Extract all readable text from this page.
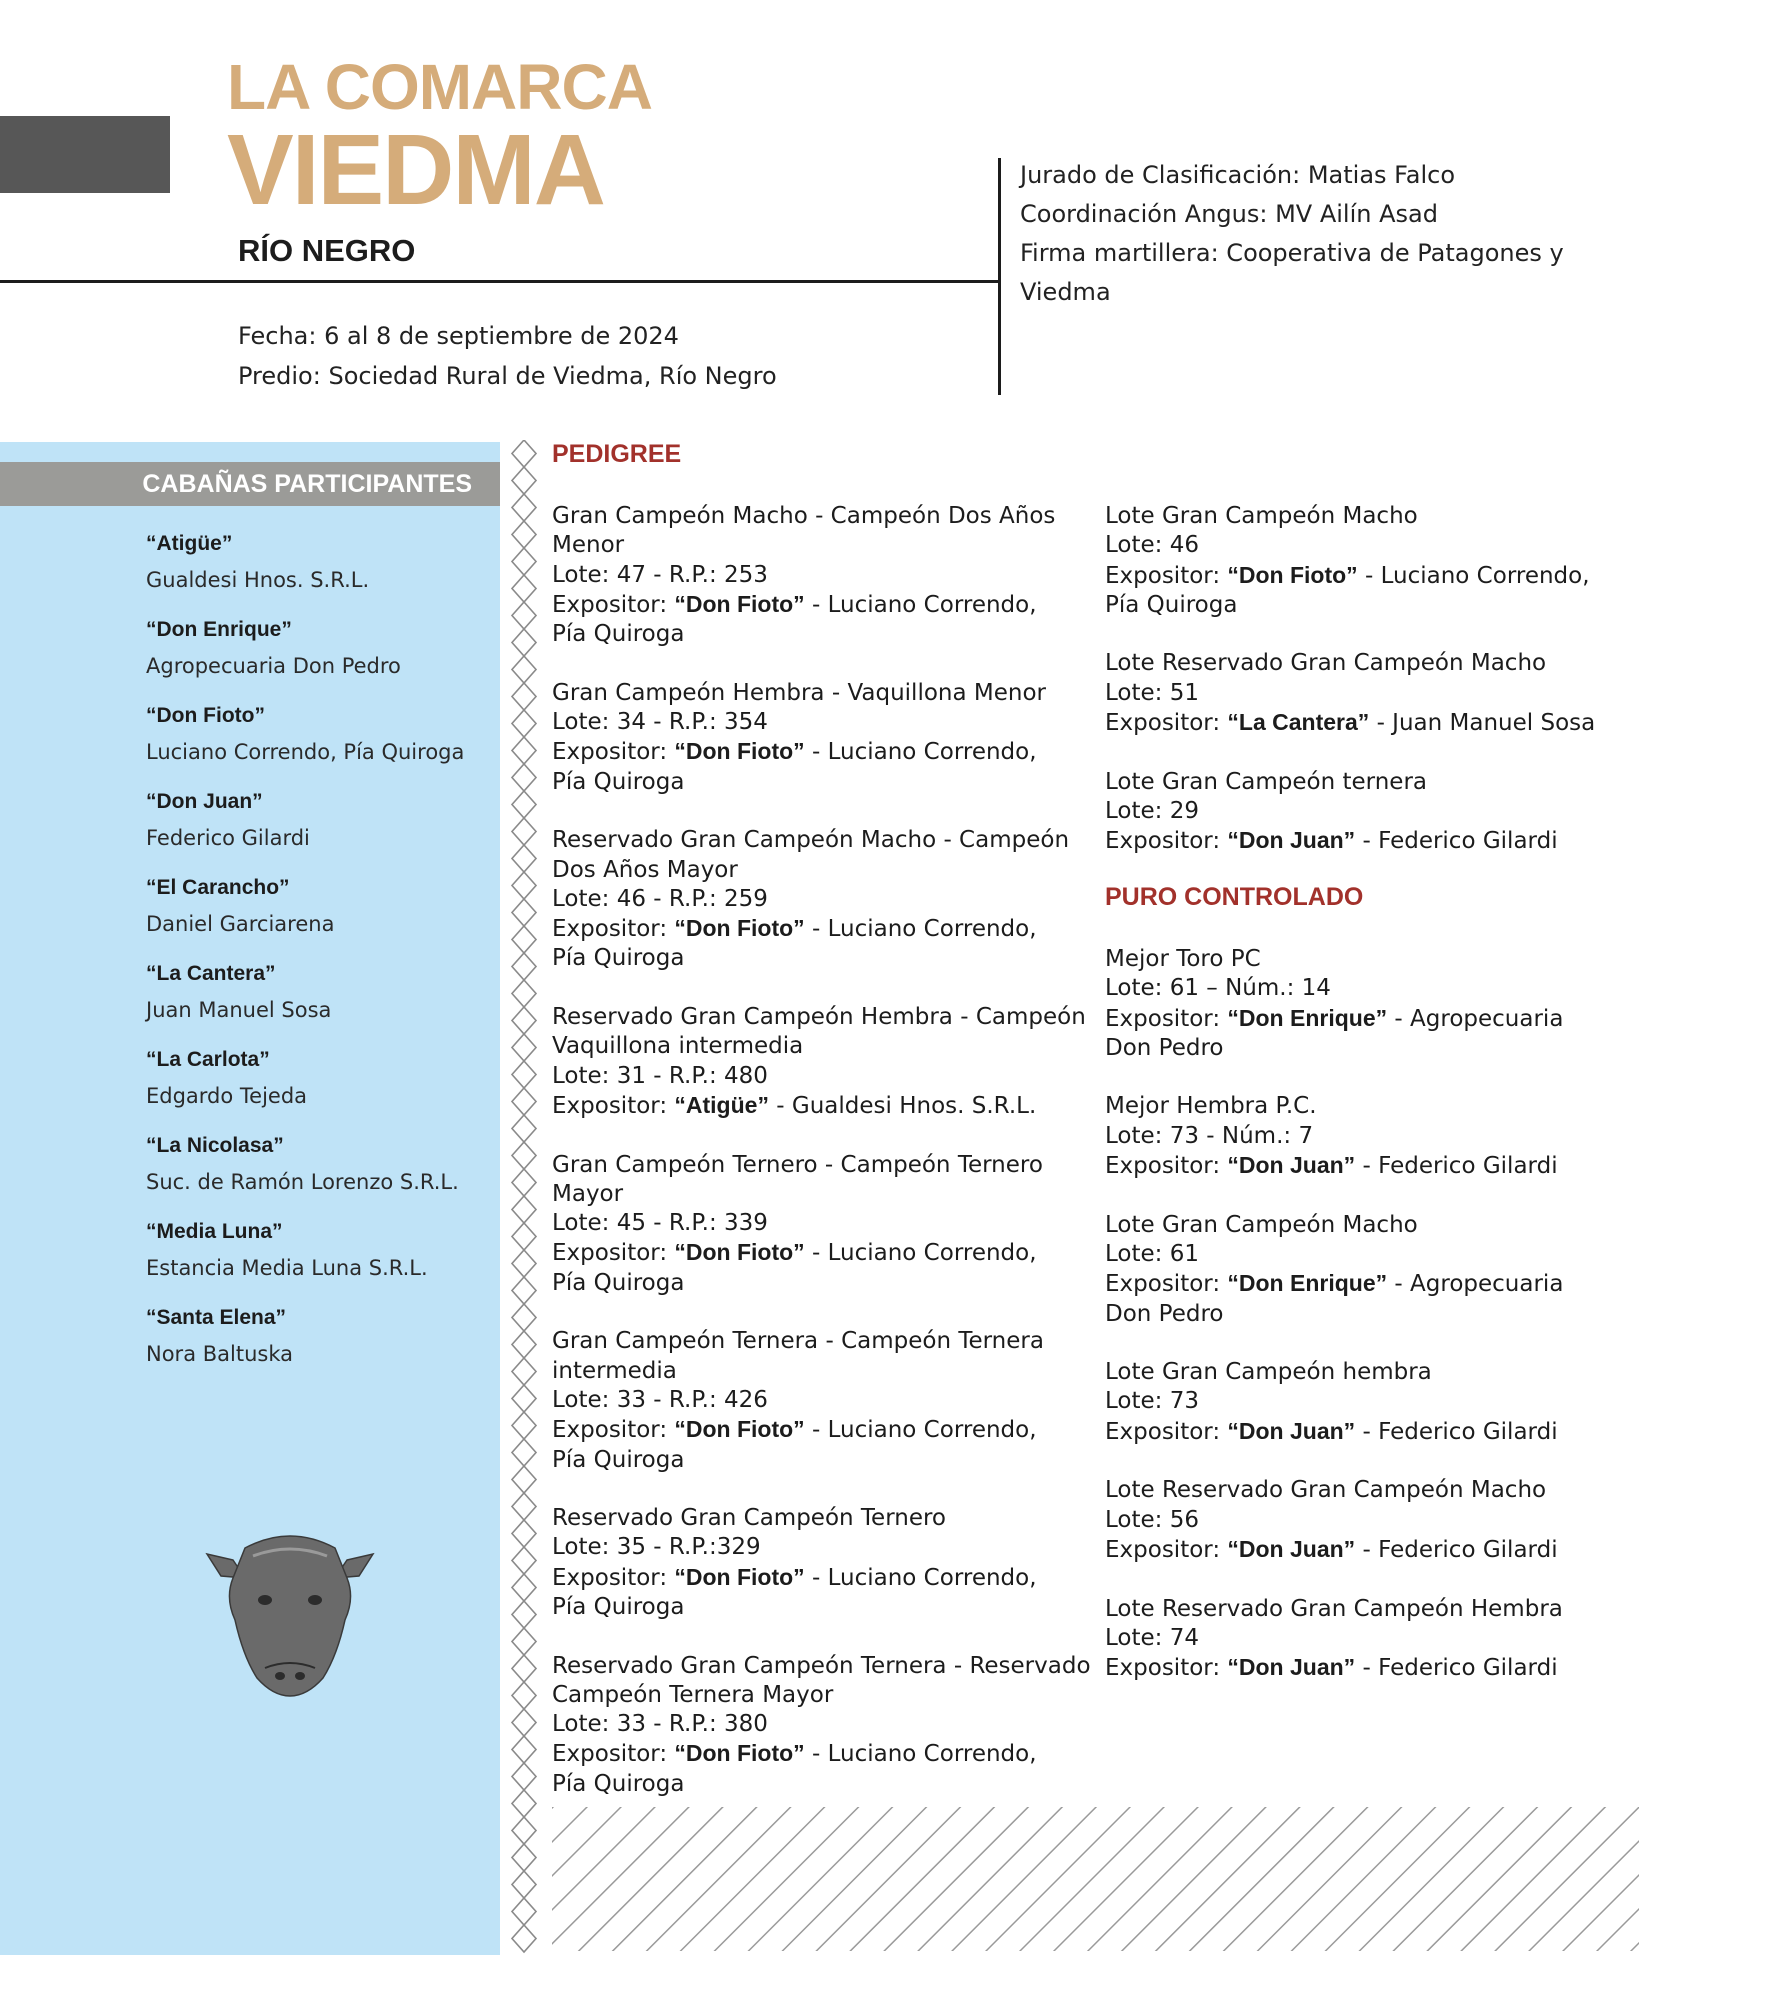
LA COMARCA
VIEDMA
RÍO NEGRO
Fecha: 6 al 8 de septiembre de 2024
Predio: Sociedad Rural de Viedma, Río Negro
Jurado de Clasificación: Matias Falco
Coordinación Angus: MV Ailín Asad
Firma martillera: Cooperativa de Patagones y
Viedma
CABAÑAS PARTICIPANTES
“Atigüe”
Gualdesi Hnos. S.R.L.
“Don Enrique”
Agropecuaria Don Pedro
“Don Fioto”
Luciano Correndo, Pía Quiroga
“Don Juan”
Federico Gilardi
“El Carancho”
Daniel Garciarena
“La Cantera”
Juan Manuel Sosa
“La Carlota”
Edgardo Tejeda
“La Nicolasa”
Suc. de Ramón Lorenzo S.R.L.
“Media Luna”
Estancia Media Luna S.R.L.
“Santa Elena”
Nora Baltuska
PEDIGREE
Gran Campeón Macho - Campeón Dos Años
Menor
Lote: 47 - R.P.: 253
Expositor: “Don Fioto” - Luciano Correndo,
Pía Quiroga
Gran Campeón Hembra - Vaquillona Menor
Lote: 34 - R.P.: 354
Expositor: “Don Fioto” - Luciano Correndo,
Pía Quiroga
Reservado Gran Campeón Macho - Campeón
Dos Años Mayor
Lote: 46 - R.P.: 259
Expositor: “Don Fioto” - Luciano Correndo,
Pía Quiroga
Reservado Gran Campeón Hembra - Campeón
Vaquillona intermedia
Lote: 31 - R.P.: 480
Expositor: “Atigüe” - Gualdesi Hnos. S.R.L.
Gran Campeón Ternero - Campeón Ternero Mayor
Lote: 45 - R.P.: 339
Expositor: “Don Fioto” - Luciano Correndo,
Pía Quiroga
Gran Campeón Ternera - Campeón Ternera
intermedia
Lote: 33 - R.P.: 426
Expositor: “Don Fioto” - Luciano Correndo,
Pía Quiroga
Reservado Gran Campeón Ternero
Lote: 35 - R.P.:329
Expositor: “Don Fioto” - Luciano Correndo,
Pía Quiroga
Reservado Gran Campeón Ternera - Reservado
Campeón Ternera Mayor
Lote: 33 - R.P.: 380
Expositor: “Don Fioto” - Luciano Correndo,
Pía Quiroga
Lote Gran Campeón Macho
Lote: 46
Expositor: “Don Fioto” - Luciano Correndo,
Pía Quiroga
Lote Reservado Gran Campeón Macho
Lote: 51
Expositor: “La Cantera” - Juan Manuel Sosa
Lote Gran Campeón ternera
Lote: 29
Expositor: “Don Juan” - Federico Gilardi
PURO CONTROLADO
Mejor Toro PC
Lote: 61 – Núm.: 14
Expositor: “Don Enrique” - Agropecuaria
Don Pedro
Mejor Hembra P.C.
Lote: 73 - Núm.: 7
Expositor: “Don Juan” - Federico Gilardi
Lote Gran Campeón Macho
Lote: 61
Expositor: “Don Enrique” - Agropecuaria
Don Pedro
Lote Gran Campeón hembra
Lote: 73
Expositor: “Don Juan” - Federico Gilardi
Lote Reservado Gran Campeón Macho
Lote: 56
Expositor: “Don Juan” - Federico Gilardi
Lote Reservado Gran Campeón Hembra
Lote: 74
Expositor: “Don Juan” - Federico Gilardi
